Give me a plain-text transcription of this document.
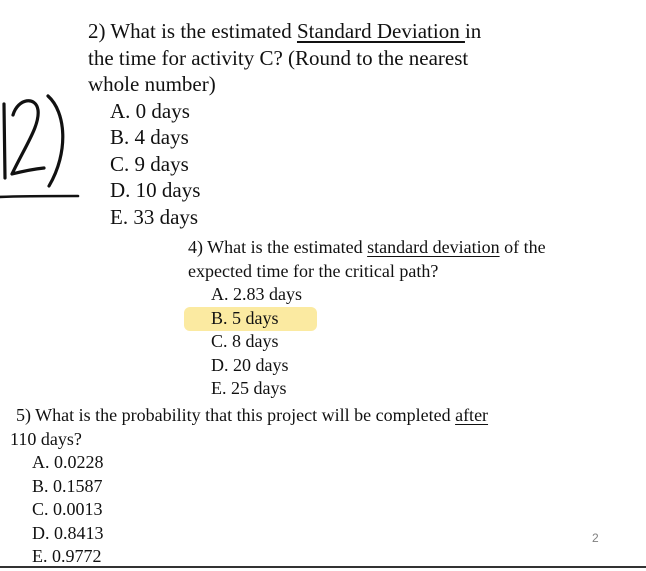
2) What is the estimated Standard Deviation in
the time for activity C? (Round to the nearest
whole number)
A. 0 days
B. 4 days
C. 9 days
D. 10 days
E. 33 days
4) What is the estimated standard deviation of the
expected time for the critical path?
A. 2.83 days
B. 5 days
C. 8 days
D. 20 days
E. 25 days
5) What is the probability that this project will be completed after
110 days?
A. 0.0228
B. 0.1587
C. 0.0013
D. 0.8413
E. 0.9772
2
